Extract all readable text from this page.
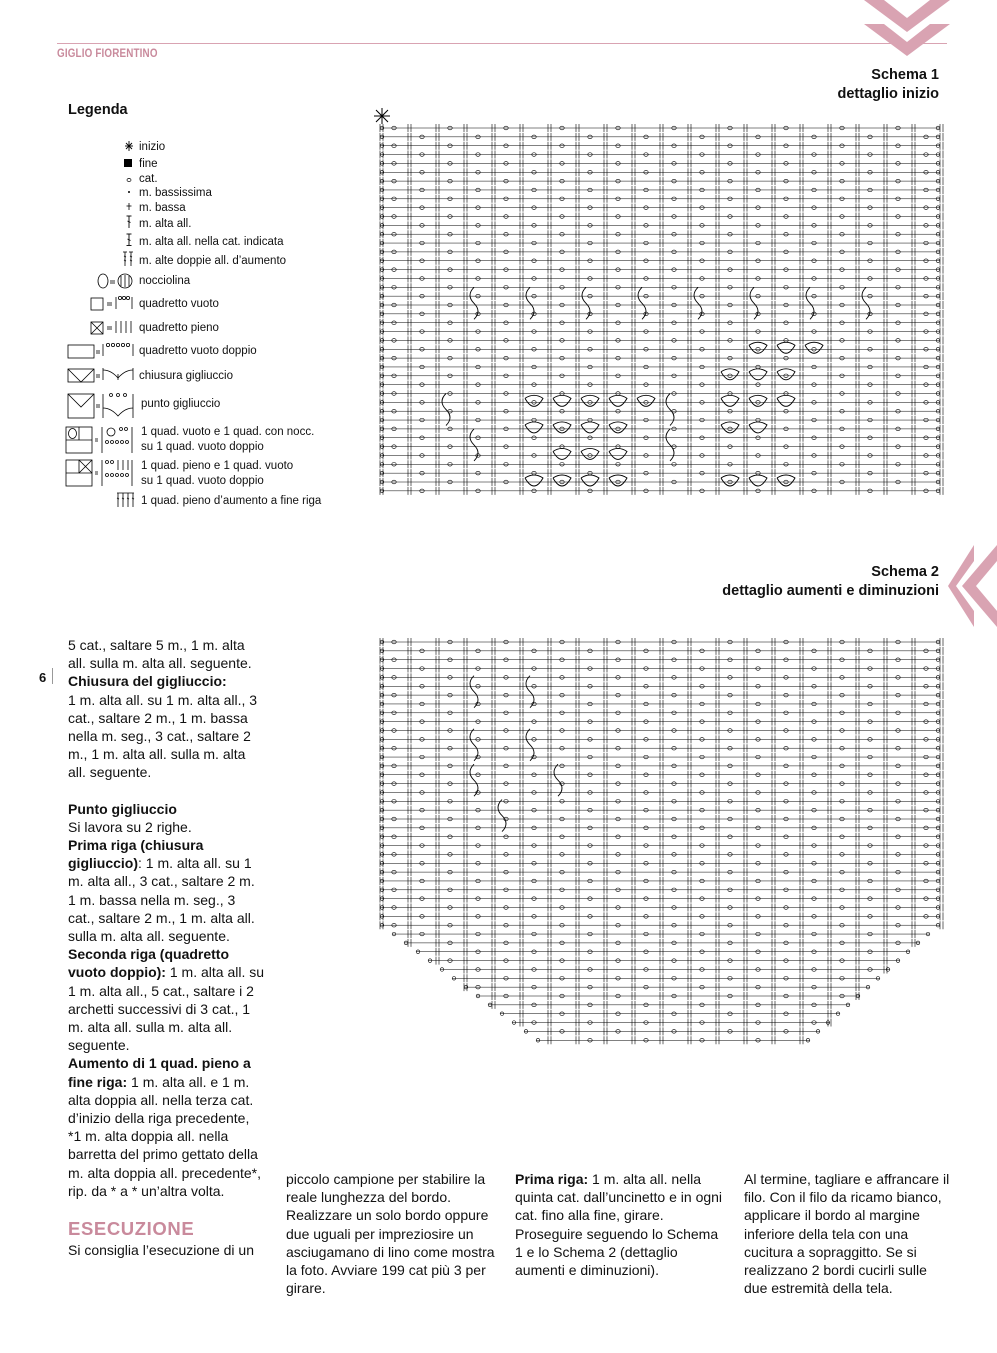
GIGLIO FIORENTINO
Schema 1
dettaglio inizio
Schema 2
dettaglio aumenti e diminuzioni
Legenda
inizio
fine
cat.
m. bassissima
m. bassa
m. alta all.
m. alta all. nella cat. indicata
m. alte doppie all. d’aumento
nocciolina
quadretto vuoto
quadretto pieno
quadretto vuoto doppio
chiusura gigliuccio
punto gigliuccio
1 quad. vuoto e 1 quad. con nocc.
su 1 quad. vuoto doppio
1 quad. pieno e 1 quad. vuoto
su 1 quad. vuoto doppio
1 quad. pieno d’aumento a fine riga
6

5 cat., saltare 5 m., 1 m. alta all. sulla m. alta all. seguente.

Chiusura del gigliuccio:

1 m. alta all. su 1 m. alta all., 3 cat., saltare 2 m., 1 m. bassa nella m. seg., 3 cat., saltare 2 m., 1 m. alta all. sulla m. alta all. seguente.

Punto gigliuccio

Si lavora su 2 righe.

Prima riga (chiusura gigliuccio): 1 m. alta all. su 1 m. alta all., 3 cat., saltare 2 m. 1 m. bassa nella m. seg., 3 cat., saltare 2 m., 1 m. alta all. sulla m. alta all. seguente.

Seconda riga (quadretto vuoto doppio): 1 m. alta all. su 1 m. alta all., 5 cat., saltare i 2 archetti successivi di 3 cat., 1 m. alta all. sulla m. alta all. seguente.

Aumento di 1 quad. pieno a fine riga: 1 m. alta all. e 1 m. alta doppia all. nella terza cat. d’inizio della riga precedente, *1 m. alta doppia all. nella barretta del primo gettato della m. alta doppia all. precedente*, rip. da * a * un’altra volta.

ESECUZIONE

Si consiglia l’esecuzione di un

piccolo campione per stabilire la reale lunghezza del bordo. Realizzare un solo bordo oppure due uguali per impreziosire un asciugamano di lino come mostra la foto. Avviare 199 cat più 3 per girare.

Prima riga: 1 m. alta all. nella quinta cat. dall’uncinetto e in ogni cat. fino alla fine, girare. Proseguire seguendo lo Schema 1 e lo Schema 2 (dettaglio aumenti e diminuzioni).

Al termine, tagliare e affrancare il filo. Con il filo da ricamo bianco, applicare il bordo al margine inferiore della tela con una cucitura a sopraggitto. Se si realizzano 2 bordi cucirli sulle due estremità della tela.
